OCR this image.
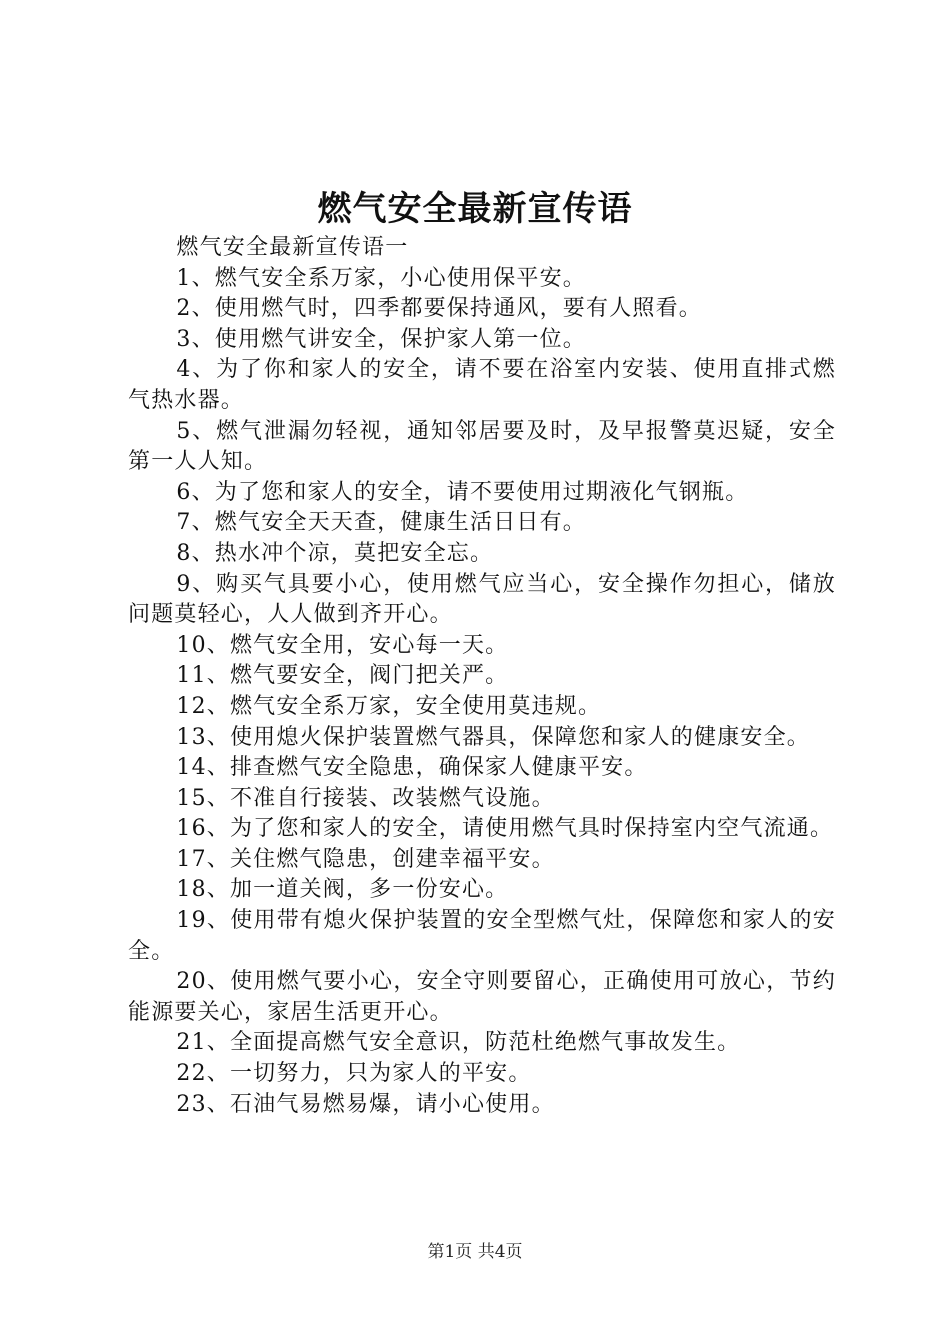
燃气安全最新宣传语

燃气安全最新宣传语一

1、燃气安全系万家，小心使用保平安。

2、使用燃气时，四季都要保持通风，要有人照看。

3、使用燃气讲安全，保护家人第一位。

4、为了你和家人的安全，请不要在浴室内安装、使用直排式燃气热水器。

5、燃气泄漏勿轻视，通知邻居要及时，及早报警莫迟疑，安全第一人人知。

6、为了您和家人的安全，请不要使用过期液化气钢瓶。

7、燃气安全天天查，健康生活日日有。

8、热水冲个凉，莫把安全忘。

9、购买气具要小心，使用燃气应当心，安全操作勿担心，储放问题莫轻心，人人做到齐开心。

10、燃气安全用，安心每一天。

11、燃气要安全，阀门把关严。

12、燃气安全系万家，安全使用莫违规。

13、使用熄火保护装置燃气器具，保障您和家人的健康安全。

14、排查燃气安全隐患，确保家人健康平安。

15、不准自行接装、改装燃气设施。

16、为了您和家人的安全，请使用燃气具时保持室内空气流通。

17、关住燃气隐患，创建幸福平安。

18、加一道关阀，多一份安心。

19、使用带有熄火保护装置的安全型燃气灶，保障您和家人的安全。

20、使用燃气要小心，安全守则要留心，正确使用可放心，节约能源要关心，家居生活更开心。

21、全面提高燃气安全意识，防范杜绝燃气事故发生。

22、一切努力，只为家人的平安。

23、石油气易燃易爆，请小心使用。

第1页 共4页
